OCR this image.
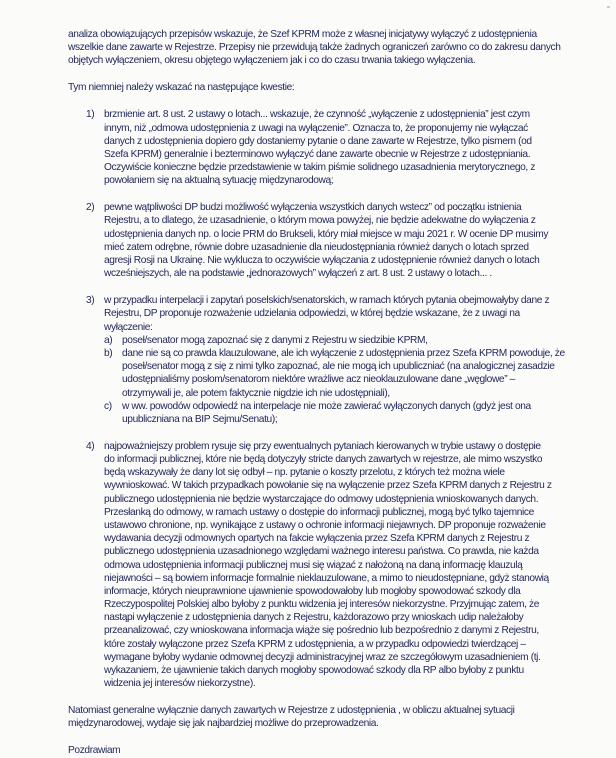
analiza obowiązujących przepisów wskazuje, że Szef KPRM może z własnej inicjatywy wyłączyć z udostępnienia
wszelkie dane zawarte w Rejestrze. Przepisy nie przewidują także żadnych ograniczeń zarówno co do zakresu danych
objętych wyłączeniem, okresu objętego wyłączeniem jak i co do czasu trwania takiego wyłączenia.
Tym niemniej należy wskazać na następujące kwestie:
1) brzmienie art. 8 ust. 2 ustawy o lotach... wskazuje, że czynność „wyłączenie z udostępnienia” jest czym
innym, niż „odmowa udostępnienia z uwagi na wyłączenie”. Oznacza to, że proponujemy nie wyłączać
danych z udostępnienia dopiero gdy dostaniemy pytanie o dane zawarte w Rejestrze, tylko pismem (od
Szefa KPRM) generalnie i bezterminowo wyłączyć dane zawarte obecnie w Rejestrze z udostępniania.
Oczywiście konieczne będzie przedstawienie w takim piśmie solidnego uzasadnienia merytorycznego, z
powołaniem się na aktualną sytuację międzynarodową;
2) pewne wątpliwości DP budzi możliwość wyłączenia wszystkich danych wstecz” od początku istnienia
Rejestru, a to dlatego, że uzasadnienie, o którym mowa powyżej, nie będzie adekwatne do wyłączenia z
udostępnienia danych np. o locie PRM do Brukseli, który miał miejsce w maju 2021 r. W ocenie DP musimy
mieć zatem odrębne, równie dobre uzasadnienie dla nieudostępniania również danych o lotach sprzed
agresji Rosji na Ukrainę. Nie wyklucza to oczywiście wyłączania z udostępnienie również danych o lotach
wcześniejszych, ale na podstawie „jednorazowych” wyłączeń z art. 8 ust. 2 ustawy o lotach... .
3) w przypadku interpelacji i zapytań poselskich/senatorskich, w ramach których pytania obejmowałyby dane z
Rejestru, DP proponuje rozważenie udzielania odpowiedzi, w której będzie wskazane, że z uwagi na
wyłączenie:
a) poseł/senator mogą zapoznać się z danymi z Rejestru w siedzibie KPRM,
b) dane nie są co prawda klauzulowane, ale ich wyłączenie z udostępnienia przez Szefa KPRM powoduje, że
poseł/senator mogą z się z nimi tylko zapoznać, ale nie mogą ich upubliczniać (na analogicznej zasadzie
udostępnialiśmy posłom/senatorom niektóre wrażliwe acz nieoklauzulowane dane „węglowe” –
otrzymywali je, ale potem faktycznie nigdzie ich nie udostępniali),
c) w ww. powodów odpowiedź na interpelacje nie może zawierać wyłączonych danych (gdyż jest ona
upubliczniana na BIP Sejmu/Senatu);
4) najpoważniejszy problem rysuje się przy ewentualnych pytaniach kierowanych w trybie ustawy o dostępie
do informacji publicznej, które nie będą dotyczyły stricte danych zawartych w rejestrze, ale mimo wszystko
będą wskazywały że dany lot się odbył – np. pytanie o koszty przelotu, z których też można wiele
wywnioskować. W takich przypadkach powołanie się na wyłączenie przez Szefa KPRM danych z Rejestru z
publicznego udostępnienia nie będzie wystarczające do odmowy udostępnienia wnioskowanych danych.
Przesłanką do odmowy, w ramach ustawy o dostępie do informacji publicznej, mogą być tylko tajemnice
ustawowo chronione, np. wynikające z ustawy o ochronie informacji niejawnych. DP proponuje rozważenie
wydawania decyzji odmownych opartych na fakcie wyłączenia przez Szefa KPRM danych z Rejestru z
publicznego udostępnienia uzasadnionego względami ważnego interesu państwa. Co prawda, nie każda
odmowa udostępnienia informacji publicznej musi się wiązać z nałożoną na daną informację klauzulą
niejawności – są bowiem informacje formalnie nieklauzulowane, a mimo to nieudostępniane, gdyż stanowią
informacje, których nieuprawnione ujawnienie spowodowałoby lub mogłoby spowodować szkody dla
Rzeczypospolitej Polskiej albo byłoby z punktu widzenia jej interesów niekorzystne. Przyjmując zatem, że
nastąpi wyłączenie z udostępnienia danych z Rejestru, każdorazowo przy wnioskach udip należałoby
przeanalizować, czy wnioskowana informacja wiąże się pośrednio lub bezpośrednio z danymi z Rejestru,
które zostały wyłączone przez Szefa KPRM z udostępnienia, a w przypadku odpowiedzi twierdzącej –
wymagane byłoby wydanie odmownej decyzji administracyjnej wraz ze szczegółowym uzasadnieniem (tj.
wykazaniem, że ujawnienie takich danych mogłoby spowodować szkody dla RP albo byłoby z punktu
widzenia jej interesów niekorzystne).
Natomiast generalne wyłącznie danych zawartych w Rejestrze z udostępnienia , w obliczu aktualnej sytuacji
międzynarodowej, wydaje się jak najbardziej możliwe do przeprowadzenia.
Pozdrawiam
